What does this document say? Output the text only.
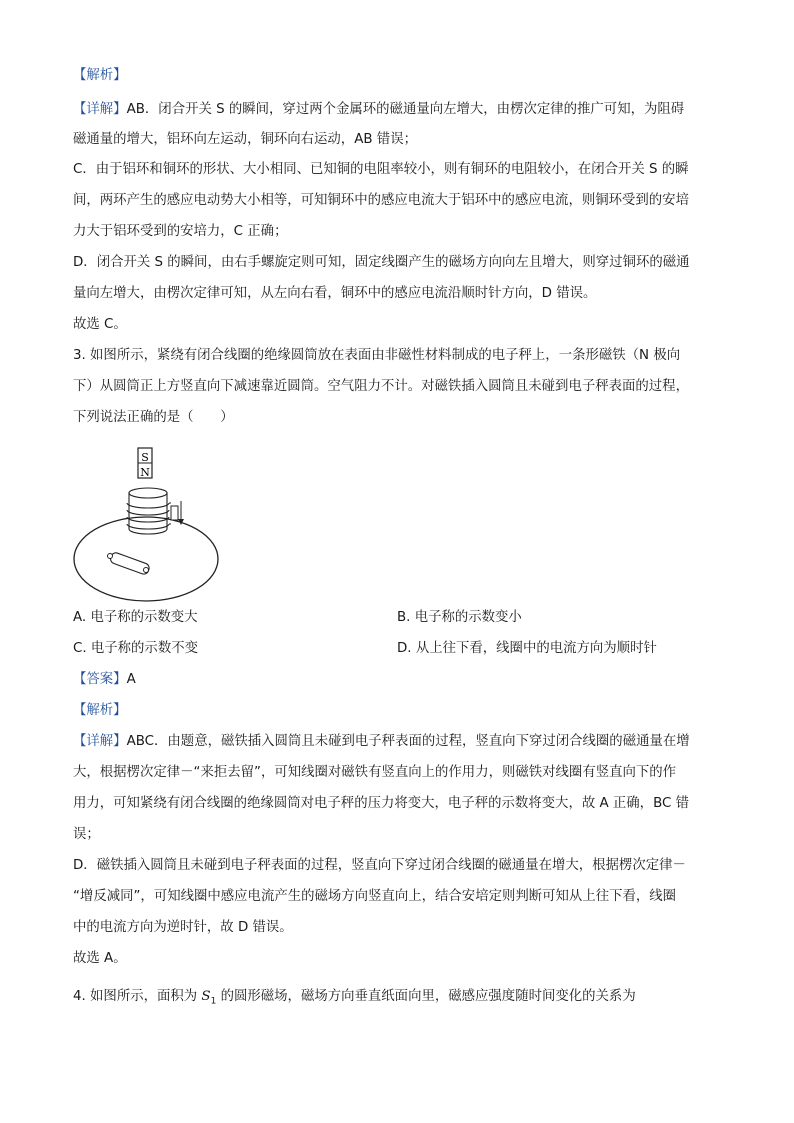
【解析】
【详解】AB．闭合开关 S 的瞬间，穿过两个金属环的磁通量向左增大，由楞次定律的推广可知，为阻碍
磁通量的增大，铝环向左运动，铜环向右运动，AB 错误；
C．由于铝环和铜环的形状、大小相同、已知铜的电阻率较小，则有铜环的电阻较小，在闭合开关 S 的瞬
间，两环产生的感应电动势大小相等，可知铜环中的感应电流大于铝环中的感应电流，则铜环受到的安培
力大于铝环受到的安培力，C 正确；
D．闭合开关 S 的瞬间，由右手螺旋定则可知，固定线圈产生的磁场方向向左且增大，则穿过铜环的磁通
量向左增大，由楞次定律可知，从左向右看，铜环中的感应电流沿顺时针方向，D 错误。
故选 C。
3. 如图所示，紧绕有闭合线圈的绝缘圆筒放在表面由非磁性材料制成的电子秤上，一条形磁铁（N 极向
下）从圆筒正上方竖直向下减速靠近圆筒。空气阻力不计。对磁铁插入圆筒且未碰到电子秤表面的过程，
下列说法正确的是（　　）
S
N
A. 电子称的示数变大	B. 电子称的示数变小
C. 电子称的示数不变	D. 从上往下看，线圈中的电流方向为顺时针
【答案】A
【解析】
【详解】ABC．由题意，磁铁插入圆筒且未碰到电子秤表面的过程，竖直向下穿过闭合线圈的磁通量在增
大，根据楞次定律－“来拒去留”，可知线圈对磁铁有竖直向上的作用力，则磁铁对线圈有竖直向下的作
用力，可知紧绕有闭合线圈的绝缘圆筒对电子秤的压力将变大，电子秤的示数将变大，故 A 正确，BC 错
误；
D．磁铁插入圆筒且未碰到电子秤表面的过程，竖直向下穿过闭合线圈的磁通量在增大，根据楞次定律－
“增反减同”，可知线圈中感应电流产生的磁场方向竖直向上，结合安培定则判断可知从上往下看，线圈
中的电流方向为逆时针，故 D 错误。
故选 A。
4. 如图所示，面积为 $S_1$ 的圆形磁场，磁场方向垂直纸面向里，磁感应强度随时间变化的关系为
